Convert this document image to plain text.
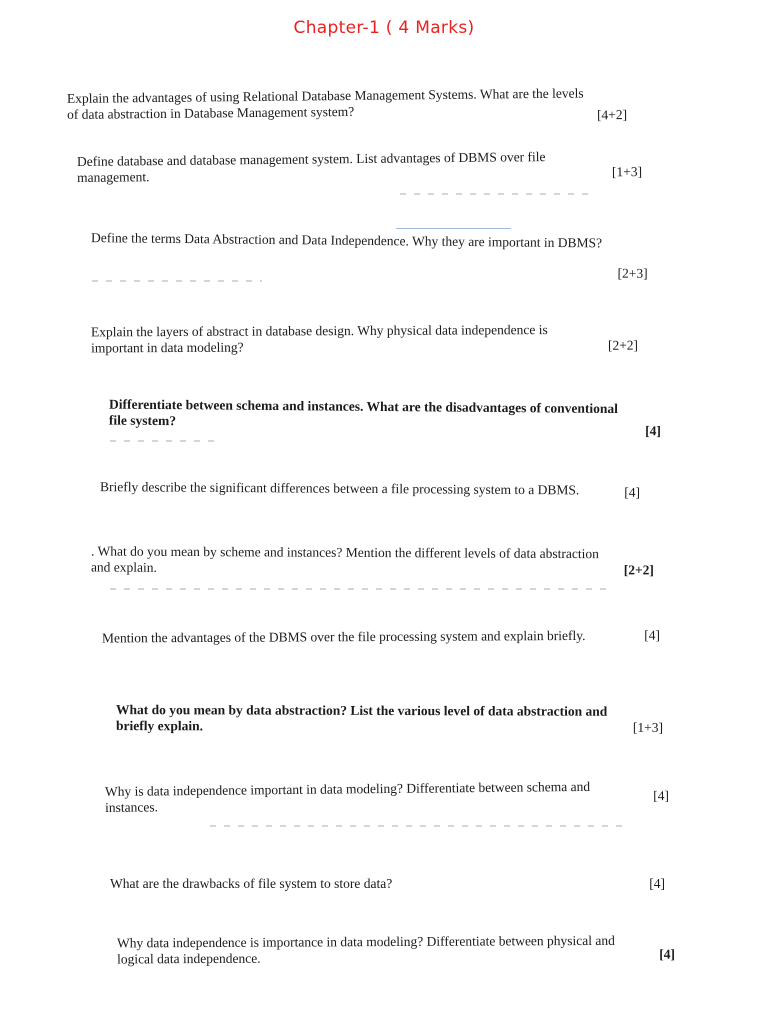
Chapter-1 ( 4 Marks)
Explain the advantages of using Relational Database Management Systems. What are the levels of data abstraction in Database Management system?	[4+2]
Define database and database management system. List advantages of DBMS over file management.	[1+3]
Define the terms Data Abstraction and Data Independence. Why they are important in DBMS?
[2+3]
Explain the layers of abstract in database design. Why physical data independence is important in data modeling?	[2+2]
Differentiate between schema and instances. What are the disadvantages of conventional file system?
[4]
Briefly describe the significant differences between a file processing system to a DBMS.	[4]
. What do you mean by scheme and instances? Mention the different levels of data abstraction and explain.	[2+2]
Mention the advantages of the DBMS over the file processing system and explain briefly.	[4]
What do you mean by data abstraction? List the various level of data abstraction and briefly explain.	[1+3]
Why is data independence important in data modeling? Differentiate between schema and instances.
[4]
What are the drawbacks of file system to store data?	[4]
Why data independence is importance in data modeling? Differentiate between physical and logical data independence.	[4]
